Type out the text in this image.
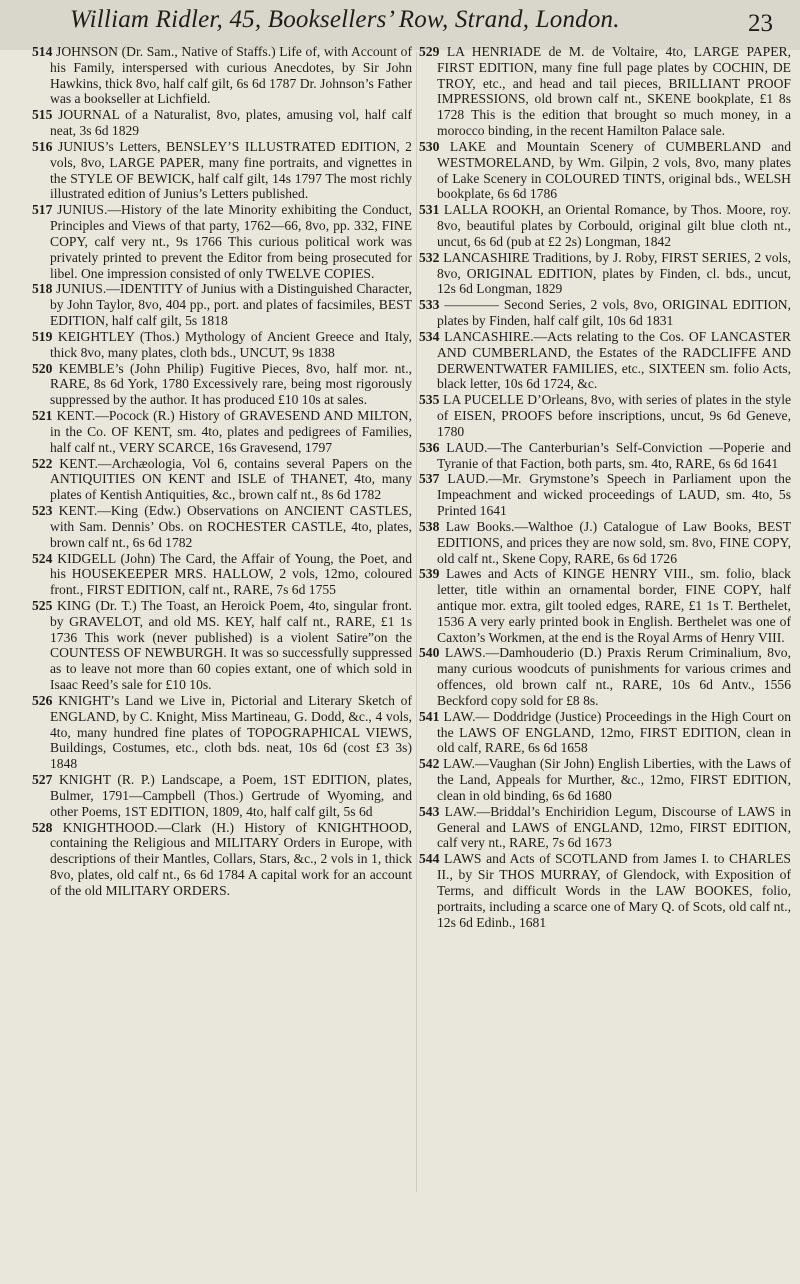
William Ridler, 45, Booksellers’ Row, Strand, London.	23
514 JOHNSON (Dr. Sam., Native of Staffs.) Life of, with Account of his Family, interspersed with curious Anecdotes, by Sir John Hawkins, thick 8vo, half calf gilt, 6s 6d 1787 Dr. Johnson’s Father was a bookseller at Lichfield.
515 JOURNAL of a Naturalist, 8vo, plates, amusing vol, half calf neat, 3s 6d 1829
516 JUNIUS’s Letters, BENSLEY’S ILLUSTRATED EDITION, 2 vols, 8vo, LARGE PAPER, many fine portraits, and vignettes in the STYLE OF BEWICK, half calf gilt, 14s 1797 The most richly illustrated edition of Junius’s Letters published.
517 JUNIUS.—History of the late Minority exhibiting the Conduct, Principles and Views of that party, 1762—66, 8vo, pp. 332, FINE COPY, calf very nt., 9s 1766 This curious political work was privately printed to prevent the Editor from being prosecuted for libel. One impression consisted of only TWELVE COPIES.
518 JUNIUS.—IDENTITY of Junius with a Distinguished Character, by John Taylor, 8vo, 404 pp., port. and plates of facsimiles, BEST EDITION, half calf gilt, 5s 1818
519 KEIGHTLEY (Thos.) Mythology of Ancient Greece and Italy, thick 8vo, many plates, cloth bds., UNCUT, 9s 1838
520 KEMBLE’s (John Philip) Fugitive Pieces, 8vo, half mor. nt., RARE, 8s 6d York, 1780 Excessively rare, being most rigorously suppressed by the author. It has produced £10 10s at sales.
521 KENT.—Pocock (R.) History of GRAVESEND AND MILTON, in the Co. OF KENT, sm. 4to, plates and pedigrees of Families, half calf nt., VERY SCARCE, 16s Gravesend, 1797
522 KENT.—Archæologia, Vol 6, contains several Papers on the ANTIQUITIES ON KENT and ISLE of THANET, 4to, many plates of Kentish Antiquities, &c., brown calf nt., 8s 6d 1782
523 KENT.—King (Edw.) Observations on ANCIENT CASTLES, with Sam. Dennis’ Obs. on ROCHESTER CASTLE, 4to, plates, brown calf nt., 6s 6d 1782
524 KIDGELL (John) The Card, the Affair of Young, the Poet, and his HOUSEKEEPER MRS. HALLOW, 2 vols, 12mo, coloured front., FIRST EDITION, calf nt., RARE, 7s 6d 1755
525 KING (Dr. T.) The Toast, an Heroick Poem, 4to, singular front. by GRAVELOT, and old MS. KEY, half calf nt., RARE, £1 1s 1736 This work (never published) is a violent Satire”on the COUNTESS OF NEWBURGH. It was so successfully suppressed as to leave not more than 60 copies extant, one of which sold in Isaac Reed’s sale for £10 10s.
526 KNIGHT’s Land we Live in, Pictorial and Literary Sketch of ENGLAND, by C. Knight, Miss Martineau, G. Dodd, &c., 4 vols, 4to, many hundred fine plates of TOPOGRAPHICAL VIEWS, Buildings, Costumes, etc., cloth bds. neat, 10s 6d (cost £3 3s) 1848
527 KNIGHT (R. P.) Landscape, a Poem, 1ST EDITION, plates, Bulmer, 1791—Campbell (Thos.) Gertrude of Wyoming, and other Poems, 1ST EDITION, 1809, 4to, half calf gilt, 5s 6d
528 KNIGHTHOOD.—Clark (H.) History of KNIGHTHOOD, containing the Religious and MILITARY Orders in Europe, with descriptions of their Mantles, Collars, Stars, &c., 2 vols in 1, thick 8vo, plates, old calf nt., 6s 6d 1784 A capital work for an account of the old MILITARY ORDERS.
529 LA HENRIADE de M. de Voltaire, 4to, LARGE PAPER, FIRST EDITION, many fine full page plates by COCHIN, DE TROY, etc., and head and tail pieces, BRILLIANT PROOF IMPRESSIONS, old brown calf nt., SKENE bookplate, £1 8s 1728 This is the edition that brought so much money, in a morocco binding, in the recent Hamilton Palace sale.
530 LAKE and Mountain Scenery of CUMBERLAND and WESTMORELAND, by Wm. Gilpin, 2 vols, 8vo, many plates of Lake Scenery in COLOURED TINTS, original bds., WELSH bookplate, 6s 6d 1786
531 LALLA ROOKH, an Oriental Romance, by Thos. Moore, roy. 8vo, beautiful plates by Corbould, original gilt blue cloth nt., uncut, 6s 6d (pub at £2 2s) Longman, 1842
532 LANCASHIRE Traditions, by J. Roby, FIRST SERIES, 2 vols, 8vo, ORIGINAL EDITION, plates by Finden, cl. bds., uncut, 12s 6d Longman, 1829
533 ———— Second Series, 2 vols, 8vo, ORIGINAL EDITION, plates by Finden, half calf gilt, 10s 6d 1831
534 LANCASHIRE.—Acts relating to the Cos. OF LANCASTER AND CUMBERLAND, the Estates of the RADCLIFFE AND DERWENTWATER FAMILIES, etc., SIXTEEN sm. folio Acts, black letter, 10s 6d 1724, &c.
535 LA PUCELLE D’Orleans, 8vo, with series of plates in the style of EISEN, PROOFS before inscriptions, uncut, 9s 6d Geneve, 1780
536 LAUD.—The Canterburian’s Self-Conviction —Poperie and Tyranie of that Faction, both parts, sm. 4to, RARE, 6s 6d 1641
537 LAUD.—Mr. Grymstone’s Speech in Parliament upon the Impeachment and wicked proceedings of LAUD, sm. 4to, 5s Printed 1641
538 Law Books.—Walthoe (J.) Catalogue of Law Books, BEST EDITIONS, and prices they are now sold, sm. 8vo, FINE COPY, old calf nt., Skene Copy, RARE, 6s 6d 1726
539 Lawes and Acts of KINGE HENRY VIII., sm. folio, black letter, title within an ornamental border, FINE COPY, half antique mor. extra, gilt tooled edges, RARE, £1 1s T. Berthelet, 1536 A very early printed book in English. Berthelet was one of Caxton’s Workmen, at the end is the Royal Arms of Henry VIII.
540 LAWS.—Damhouderio (D.) Praxis Rerum Criminalium, 8vo, many curious woodcuts of punishments for various crimes and offences, old brown calf nt., RARE, 10s 6d Antv., 1556 Beckford copy sold for £8 8s.
541 LAW.— Doddridge (Justice) Proceedings in the High Court on the LAWS OF ENGLAND, 12mo, FIRST EDITION, clean in old calf, RARE, 6s 6d 1658
542 LAW.—Vaughan (Sir John) English Liberties, with the Laws of the Land, Appeals for Murther, &c., 12mo, FIRST EDITION, clean in old binding, 6s 6d 1680
543 LAW.—Briddal’s Enchiridion Legum, Discourse of LAWS in General and LAWS of ENGLAND, 12mo, FIRST EDITION, calf very nt., RARE, 7s 6d 1673
544 LAWS and Acts of SCOTLAND from James I. to CHARLES II., by Sir THOS MURRAY, of Glendock, with Exposition of Terms, and difficult Words in the LAW BOOKES, folio, portraits, including a scarce one of Mary Q. of Scots, old calf nt., 12s 6d Edinb., 1681
